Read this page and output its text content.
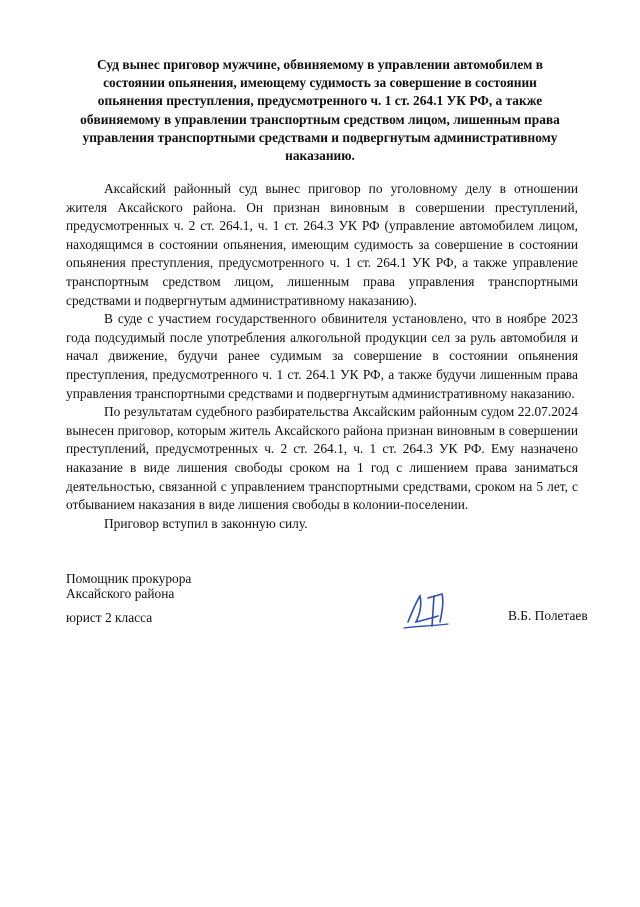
Суд вынес приговор мужчине, обвиняемому в управлении автомобилем в состоянии опьянения, имеющему судимость за совершение в состоянии опьянения преступления, предусмотренного ч. 1 ст. 264.1 УК РФ, а также обвиняемому в управлении транспортным средством лицом, лишенным права управления транспортными средствами и подвергнутым административному наказанию.

Аксайский районный суд вынес приговор по уголовному делу в отношении жителя Аксайского района. Он признан виновным в совершении преступлений, предусмотренных ч. 2 ст. 264.1, ч. 1 ст. 264.3 УК РФ (управление автомобилем лицом, находящимся в состоянии опьянения, имеющим судимость за совершение в состоянии опьянения преступления, предусмотренного ч. 1 ст. 264.1 УК РФ, а также управление транспортным средством лицом, лишенным права управления транспортными средствами и подвергнутым административному наказанию).

В суде с участием государственного обвинителя установлено, что в ноябре 2023 года подсудимый после употребления алкогольной продукции сел за руль автомобиля и начал движение, будучи ранее судимым за совершение в состоянии опьянения преступления, предусмотренного ч. 1 ст. 264.1 УК РФ, а также будучи лишенным права управления транспортными средствами и подвергнутым административному наказанию.

По результатам судебного разбирательства Аксайским районным судом 22.07.2024 вынесен приговор, которым житель Аксайского района признан виновным в совершении преступлений, предусмотренных ч. 2 ст. 264.1, ч. 1 ст. 264.3 УК РФ. Ему назначено наказание в виде лишения свободы сроком на 1 год с лишением права заниматься деятельностью, связанной с управлением транспортными средствами, сроком на 5 лет, с отбыванием наказания в виде лишения свободы в колонии-поселении.

Приговор вступил в законную силу.

Помощник прокурора
Аксайского района
юрист 2 класса	В.Б. Полетаев
